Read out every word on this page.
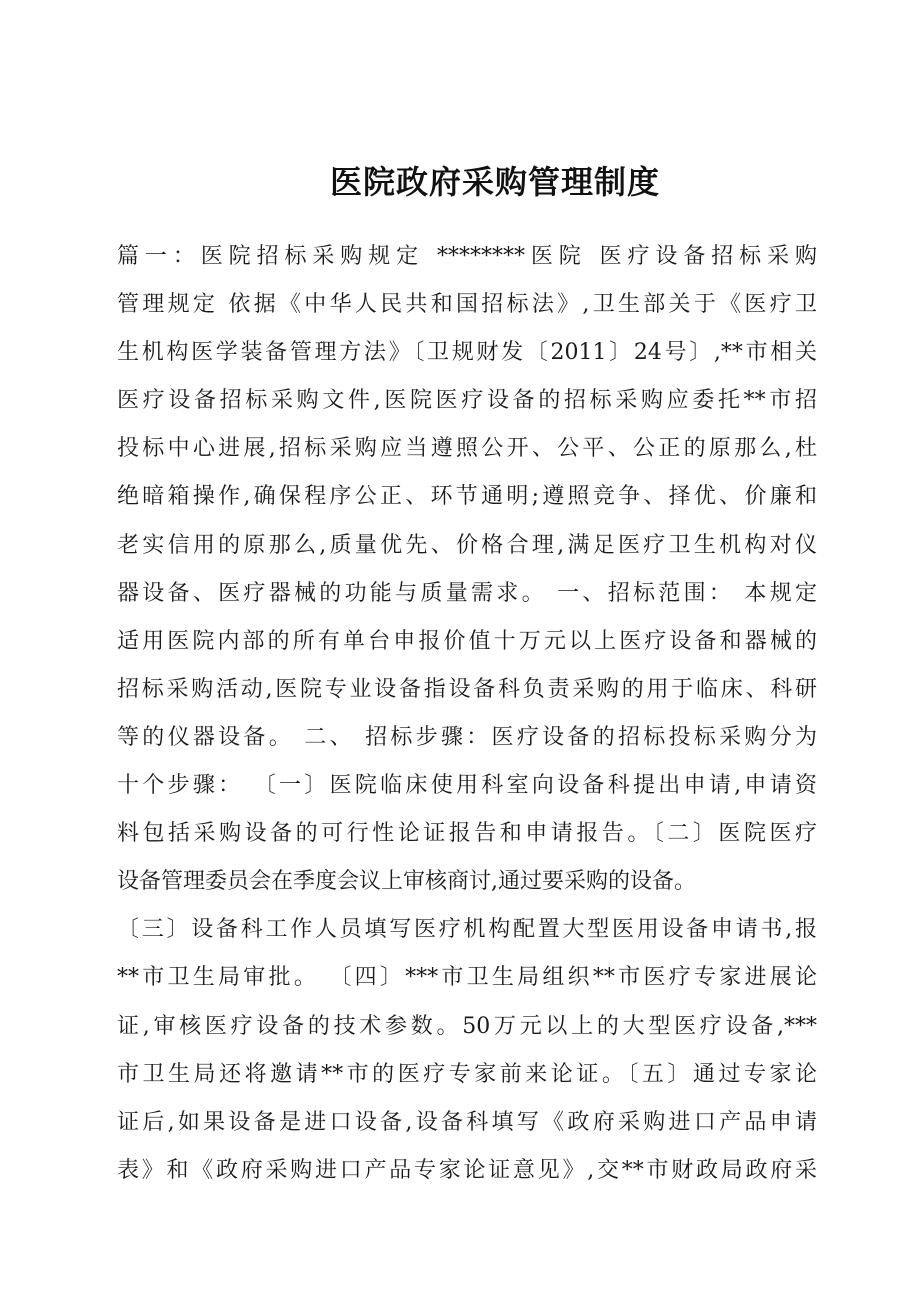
医院政府采购管理制度
篇一：医院招标采购规定 ********医院 医疗设备招标采购
管理规定 依据《中华人民共和国招标法》,卫生部关于《医疗卫
生机构医学装备管理方法》〔卫规财发〔2011〕24号〕,**市相关
医疗设备招标采购文件,医院医疗设备的招标采购应委托**市招
投标中心进展,招标采购应当遵照公开、公平、公正的原那么,杜
绝暗箱操作,确保程序公正、环节通明;遵照竞争、择优、价廉和
老实信用的原那么,质量优先、价格合理,满足医疗卫生机构对仪
器设备、医疗器械的功能与质量需求。 一、招标范围： 本规定
适用医院内部的所有单台申报价值十万元以上医疗设备和器械的
招标采购活动,医院专业设备指设备科负责采购的用于临床、科研
等的仪器设备。 二、 招标步骤：医疗设备的招标投标采购分为
十个步骤： 〔一〕医院临床使用科室向设备科提出申请,申请资
料包括采购设备的可行性论证报告和申请报告。〔二〕医院医疗
设备管理委员会在季度会议上审核商讨,通过要采购的设备。
〔三〕设备科工作人员填写医疗机构配置大型医用设备申请书,报
**市卫生局审批。 〔四〕***市卫生局组织**市医疗专家进展论
证,审核医疗设备的技术参数。50万元以上的大型医疗设备,***
市卫生局还将邀请**市的医疗专家前来论证。〔五〕通过专家论
证后,如果设备是进口设备,设备科填写《政府采购进口产品申请
表》和《政府采购进口产品专家论证意见》,交**市财政局政府采
